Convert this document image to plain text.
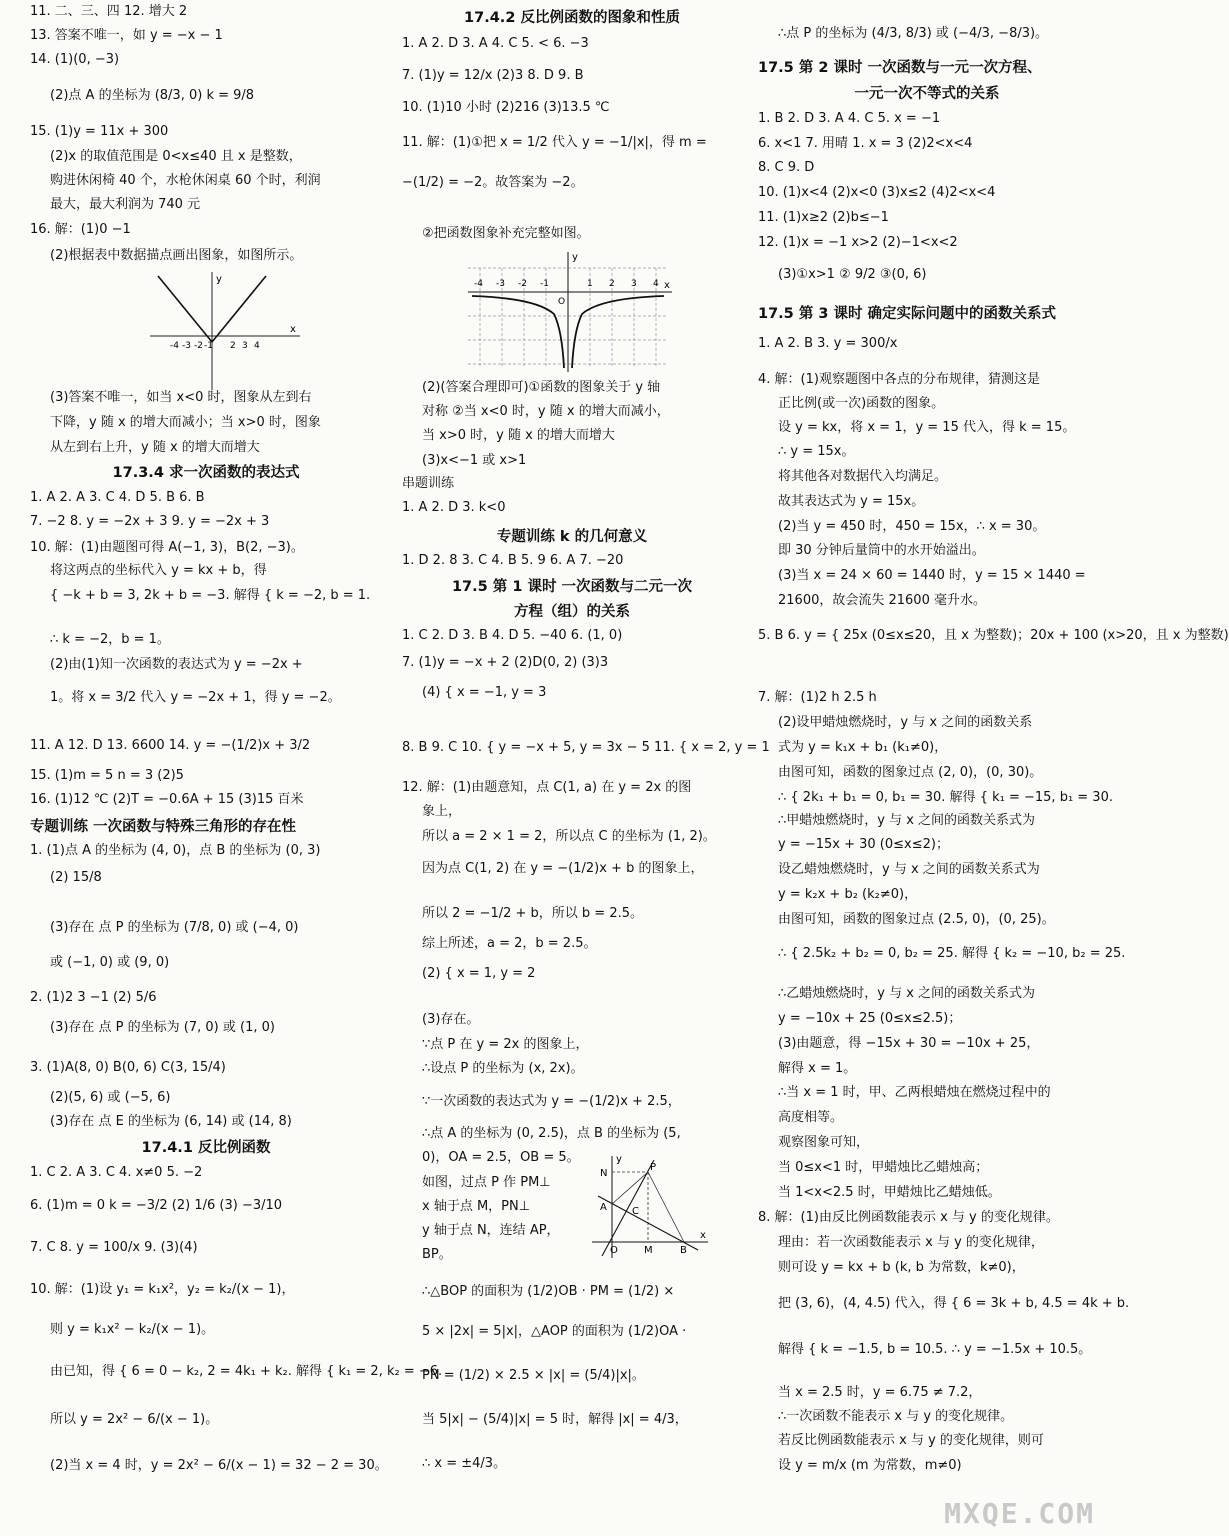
11. 二、三、四 12. 增大 2
13. 答案不唯一，如 y = −x − 1
14. (1)(0, −3)
(2)点 A 的坐标为 (8/3, 0) k = 9/8
15. (1)y = 11x + 300
(2)x 的取值范围是 0<x≤40 且 x 是整数，
购进休闲椅 40 个，水枪休闲桌 60 个时，利润
最大，最大利润为 740 元
16. 解：(1)0 −1
(2)根据表中数据描点画出图象，如图所示。
(3)答案不唯一，如当 x<0 时，图象从左到右
下降，y 随 x 的增大而减小；当 x>0 时，图象
从左到右上升，y 随 x 的增大而增大
1. A 2. A 3. C 4. D 5. B 6. B
7. −2 8. y = −2x + 3 9. y = −2x + 3
10. 解：(1)由题图可得 A(−1, 3)，B(2, −3)。
将这两点的坐标代入 y = kx + b，得
{ −k + b = 3, 2k + b = −3. 解得 { k = −2, b = 1.
∴ k = −2，b = 1。
(2)由(1)知一次函数的表达式为 y = −2x +
1。将 x = 3/2 代入 y = −2x + 1，得 y = −2。
11. A 12. D 13. 6600 14. y = −(1/2)x + 3/2
15. (1)m = 5 n = 3 (2)5
16. (1)12 ℃ (2)T = −0.6A + 15 (3)15 百米
1. (1)点 A 的坐标为 (4, 0)，点 B 的坐标为 (0, 3)
(2) 15/8
(3)存在 点 P 的坐标为 (7/8, 0) 或 (−4, 0)
或 (−1, 0) 或 (9, 0)
2. (1)2 3 −1 (2) 5/6
(3)存在 点 P 的坐标为 (7, 0) 或 (1, 0)
3. (1)A(8, 0) B(0, 6) C(3, 15/4)
(2)(5, 6) 或 (−5, 6)
(3)存在 点 E 的坐标为 (6, 14) 或 (14, 8)
1. C 2. A 3. C 4. x≠0 5. −2
6. (1)m = 0 k = −3/2 (2) 1/6 (3) −3/10
7. C 8. y = 100/x 9. (3)(4)
10. 解：(1)设 y₁ = k₁x²，y₂ = k₂/(x − 1)，
则 y = k₁x² − k₂/(x − 1)。
由已知，得 { 6 = 0 − k₂, 2 = 4k₁ + k₂. 解得 { k₁ = 2, k₂ = −6.
所以 y = 2x² − 6/(x − 1)。
(2)当 x = 4 时，y = 2x² − 6/(x − 1) = 32 − 2 = 30。
17.3.4 求一次函数的表达式
专题训练 一次函数与特殊三角形的存在性
17.4.1 反比例函数
1. A 2. D 3. A 4. C 5. < 6. −3
7. (1)y = 12/x (2)3 8. D 9. B
10. (1)10 小时 (2)216 (3)13.5 ℃
11. 解：(1)①把 x = 1/2 代入 y = −1/|x|，得 m =
−(1/2) = −2。故答案为 −2。
②把函数图象补充完整如图。
(2)(答案合理即可)①函数的图象关于 y 轴
对称 ②当 x<0 时，y 随 x 的增大而减小，
当 x>0 时，y 随 x 的增大而增大
(3)x<−1 或 x>1
串题训练
1. A 2. D 3. k<0
1. D 2. 8 3. C 4. B 5. 9 6. A 7. −20
1. C 2. D 3. B 4. D 5. −40 6. (1, 0)
7. (1)y = −x + 2 (2)D(0, 2) (3)3
(4) { x = −1, y = 3
8. B 9. C 10. { y = −x + 5, y = 3x − 5 11. { x = 2, y = 1
12. 解：(1)由题意知，点 C(1, a) 在 y = 2x 的图
象上，
所以 a = 2 × 1 = 2，所以点 C 的坐标为 (1, 2)。
因为点 C(1, 2) 在 y = −(1/2)x + b 的图象上，
所以 2 = −1/2 + b，所以 b = 2.5。
综上所述，a = 2，b = 2.5。
(2) { x = 1, y = 2
(3)存在。
∵点 P 在 y = 2x 的图象上，
∴设点 P 的坐标为 (x, 2x)。
∵一次函数的表达式为 y = −(1/2)x + 2.5，
∴点 A 的坐标为 (0, 2.5)，点 B 的坐标为 (5,
0)，OA = 2.5，OB = 5。
如图，过点 P 作 PM⊥
x 轴于点 M，PN⊥
y 轴于点 N，连结 AP，
BP。
∴△BOP 的面积为 (1/2)OB · PM = (1/2) ×
5 × |2x| = 5|x|，△AOP 的面积为 (1/2)OA ·
PN = (1/2) × 2.5 × |x| = (5/4)|x|。
当 5|x| − (5/4)|x| = 5 时，解得 |x| = 4/3，
∴ x = ±4/3。
17.4.2 反比例函数的图象和性质
专题训练 k 的几何意义
17.5 第 1 课时 一次函数与二元一次
方程（组）的关系
∴点 P 的坐标为 (4/3, 8/3) 或 (−4/3, −8/3)。
1. B 2. D 3. A 4. C 5. x = −1
6. x<1 7. 用晴 1. x = 3 (2)2<x<4
8. C 9. D
10. (1)x<4 (2)x<0 (3)x≤2 (4)2<x<4
11. (1)x≥2 (2)b≤−1
12. (1)x = −1 x>2 (2)−1<x<2
(3)①x>1 ② 9/2 ③(0, 6)
1. A 2. B 3. y = 300/x
4. 解：(1)观察题图中各点的分布规律，猜测这是
正比例(或一次)函数的图象。
设 y = kx，将 x = 1，y = 15 代入，得 k = 15。
∴ y = 15x。
将其他各对数据代入均满足。
故其表达式为 y = 15x。
(2)当 y = 450 时，450 = 15x，∴ x = 30。
即 30 分钟后量筒中的水开始溢出。
(3)当 x = 24 × 60 = 1440 时，y = 15 × 1440 =
21600，故会流失 21600 毫升水。
5. B 6. y = { 25x (0≤x≤20，且 x 为整数)；20x + 100 (x>20，且 x 为整数)
7. 解：(1)2 h 2.5 h
(2)设甲蜡烛燃烧时，y 与 x 之间的函数关系
式为 y = k₁x + b₁ (k₁≠0)，
由图可知，函数的图象过点 (2, 0)，(0, 30)。
∴ { 2k₁ + b₁ = 0, b₁ = 30. 解得 { k₁ = −15, b₁ = 30.
∴甲蜡烛燃烧时，y 与 x 之间的函数关系式为
y = −15x + 30 (0≤x≤2)；
设乙蜡烛燃烧时，y 与 x 之间的函数关系式为
y = k₂x + b₂ (k₂≠0)，
由图可知，函数的图象过点 (2.5, 0)，(0, 25)。
∴ { 2.5k₂ + b₂ = 0, b₂ = 25. 解得 { k₂ = −10, b₂ = 25.
∴乙蜡烛燃烧时，y 与 x 之间的函数关系式为
y = −10x + 25 (0≤x≤2.5)；
(3)由题意，得 −15x + 30 = −10x + 25，
解得 x = 1。
∴当 x = 1 时，甲、乙两根蜡烛在燃烧过程中的
高度相等。
观察图象可知，
当 0≤x<1 时，甲蜡烛比乙蜡烛高；
当 1<x<2.5 时，甲蜡烛比乙蜡烛低。
8. 解：(1)由反比例函数能表示 x 与 y 的变化规律。
理由：若一次函数能表示 x 与 y 的变化规律，
则可设 y = kx + b (k, b 为常数，k≠0)，
把 (3, 6)，(4, 4.5) 代入，得 { 6 = 3k + b, 4.5 = 4k + b.
解得 { k = −1.5, b = 10.5. ∴ y = −1.5x + 10.5。
当 x = 2.5 时，y = 6.75 ≠ 7.2，
∴一次函数不能表示 x 与 y 的变化规律。
若反比例函数能表示 x 与 y 的变化规律，则可
设 y = m/x (m 为常数，m≠0)
17.5 第 2 课时 一次函数与一元一次方程、
一元一次不等式的关系
17.5 第 3 课时 确定实际问题中的函数关系式
x
y
-4 -3 -2 -1 2 3 4
x
y
-4 -3 -2 -1
O
1 2 3 4
N
P
A	C
O	M	B
y
x
MXQE.COM
